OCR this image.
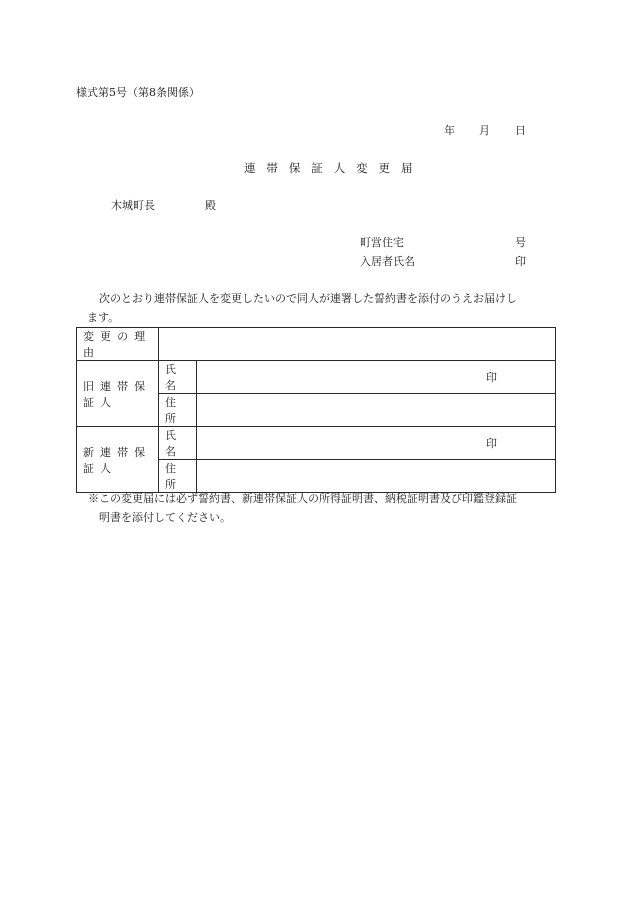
様式第5号（第8条関係）
年 月 日
連帯保証人変更届
木城町長	殿
町営住宅	号
入居者氏名	印
次のとおり連帯保証人を変更したいので同人が連署した誓約書を添付のうえお届けし
ます。
変更の理由		
旧連帯保証人	氏名	印
	住所	
新連帯保証人	氏名	印
	住所	
※この変更届には必ず誓約書、新連帯保証人の所得証明書、納税証明書及び印鑑登録証
明書を添付してください。
